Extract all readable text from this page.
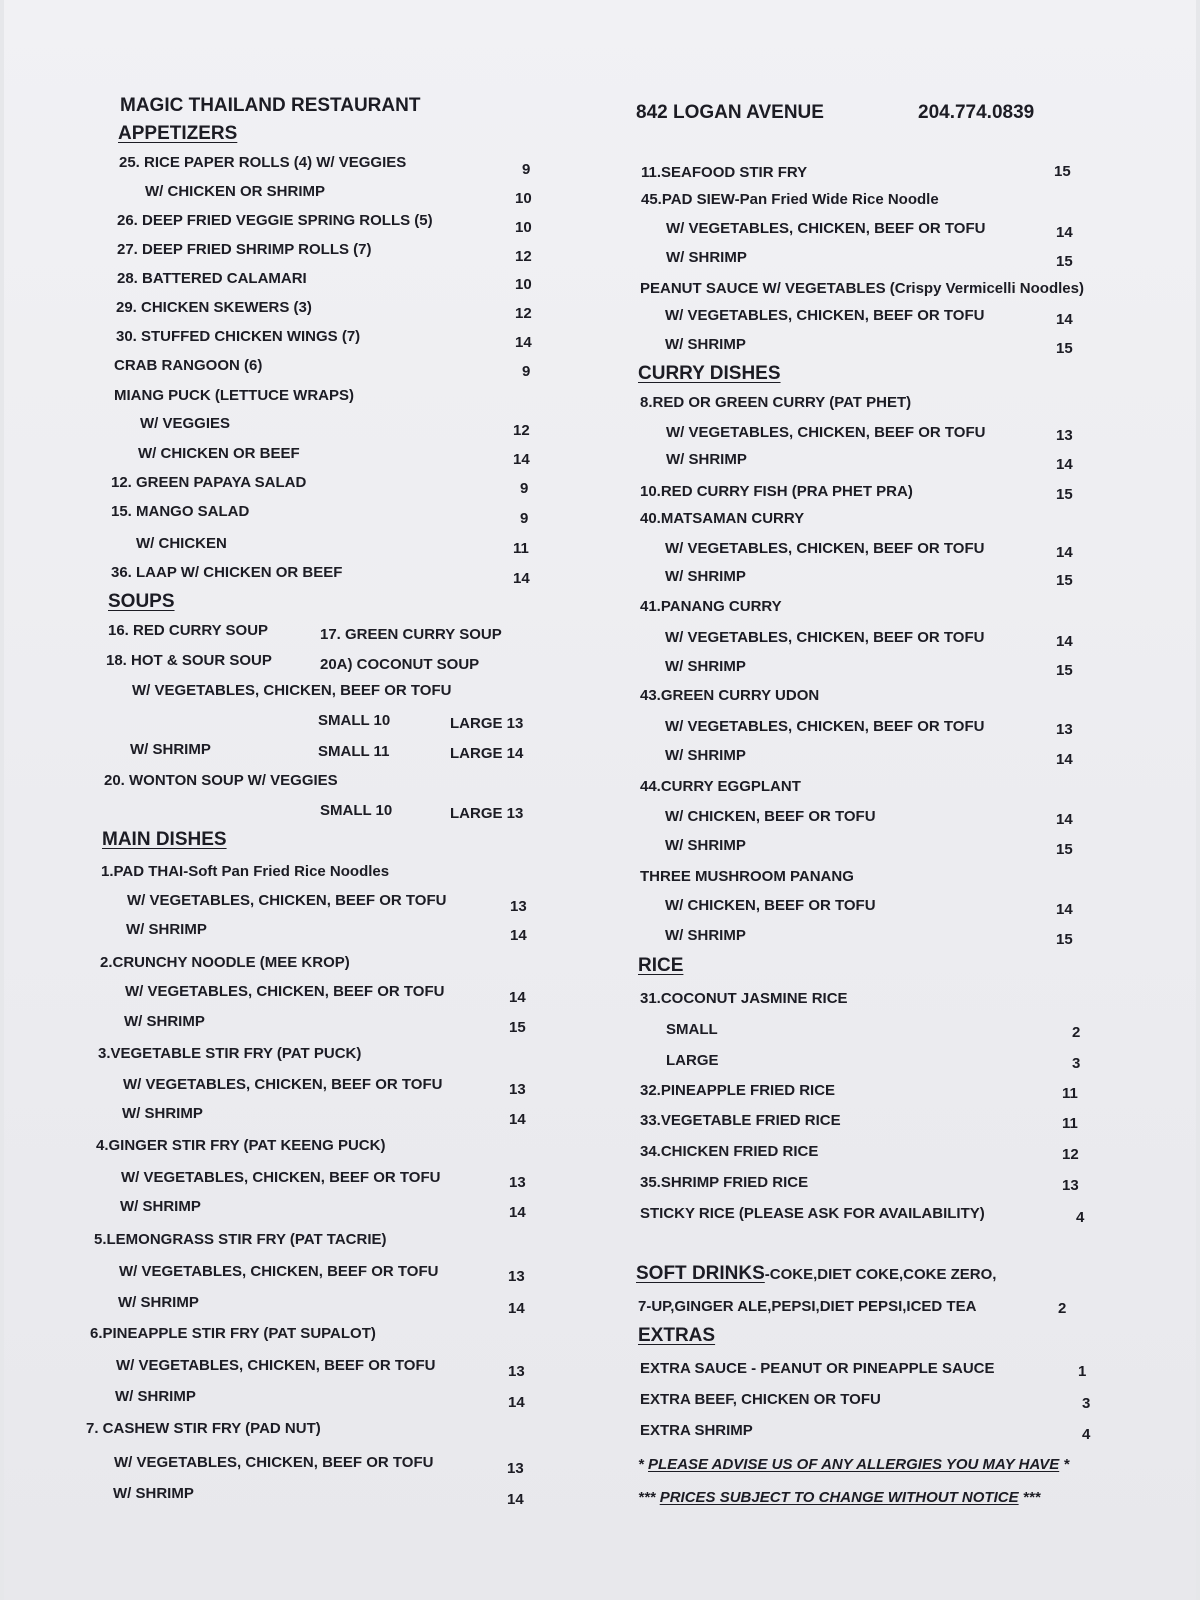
MAGIC THAILAND RESTAURANT	842 LOGAN AVENUE	204.774.0839
APPETIZERS
25. RICE PAPER ROLLS (4) W/ VEGGIES	9
W/ CHICKEN OR SHRIMP	10
26. DEEP FRIED VEGGIE SPRING ROLLS (5)	10
27. DEEP FRIED SHRIMP ROLLS (7)	12
28. BATTERED CALAMARI	10
29. CHICKEN SKEWERS (3)	12
30. STUFFED CHICKEN WINGS (7)	14
CRAB RANGOON (6)	9
MIANG PUCK (LETTUCE WRAPS)
W/ VEGGIES	12
W/ CHICKEN OR BEEF	14
12. GREEN PAPAYA SALAD	9
15. MANGO SALAD	9
W/ CHICKEN	11
36. LAAP W/ CHICKEN OR BEEF	14
SOUPS
16. RED CURRY SOUP	17. GREEN CURRY SOUP
18. HOT & SOUR SOUP	20A) COCONUT SOUP
W/ VEGETABLES, CHICKEN, BEEF OR TOFU
SMALL 10	LARGE 13
W/ SHRIMP	SMALL 11	LARGE 14
20. WONTON SOUP W/ VEGGIES
SMALL 10	LARGE 13
MAIN DISHES
1.PAD THAI-Soft Pan Fried Rice Noodles
W/ VEGETABLES, CHICKEN, BEEF OR TOFU	13
W/ SHRIMP	14
2.CRUNCHY NOODLE (MEE KROP)
W/ VEGETABLES, CHICKEN, BEEF OR TOFU	14
W/ SHRIMP	15
3.VEGETABLE STIR FRY (PAT PUCK)
W/ VEGETABLES, CHICKEN, BEEF OR TOFU	13
W/ SHRIMP	14
4.GINGER STIR FRY (PAT KEENG PUCK)
W/ VEGETABLES, CHICKEN, BEEF OR TOFU	13
W/ SHRIMP	14
5.LEMONGRASS STIR FRY (PAT TACRIE)
W/ VEGETABLES, CHICKEN, BEEF OR TOFU	13
W/ SHRIMP	14
6.PINEAPPLE STIR FRY (PAT SUPALOT)
W/ VEGETABLES, CHICKEN, BEEF OR TOFU	13
W/ SHRIMP	14
7. CASHEW STIR FRY (PAD NUT)
W/ VEGETABLES, CHICKEN, BEEF OR TOFU	13
W/ SHRIMP	14
11.SEAFOOD STIR FRY	15
45.PAD SIEW-Pan Fried Wide Rice Noodle
W/ VEGETABLES, CHICKEN, BEEF OR TOFU	14
W/ SHRIMP	15
PEANUT SAUCE W/ VEGETABLES (Crispy Vermicelli Noodles)
W/ VEGETABLES, CHICKEN, BEEF OR TOFU	14
W/ SHRIMP	15
CURRY DISHES
8.RED OR GREEN CURRY (PAT PHET)
W/ VEGETABLES, CHICKEN, BEEF OR TOFU	13
W/ SHRIMP	14
10.RED CURRY FISH (PRA PHET PRA)	15
40.MATSAMAN CURRY
W/ VEGETABLES, CHICKEN, BEEF OR TOFU	14
W/ SHRIMP	15
41.PANANG CURRY
W/ VEGETABLES, CHICKEN, BEEF OR TOFU	14
W/ SHRIMP	15
43.GREEN CURRY UDON
W/ VEGETABLES, CHICKEN, BEEF OR TOFU	13
W/ SHRIMP	14
44.CURRY EGGPLANT
W/ CHICKEN, BEEF OR TOFU	14
W/ SHRIMP	15
THREE MUSHROOM PANANG
W/ CHICKEN, BEEF OR TOFU	14
W/ SHRIMP	15
RICE
31.COCONUT JASMINE RICE
SMALL	2
LARGE	3
32.PINEAPPLE FRIED RICE	11
33.VEGETABLE FRIED RICE	11
34.CHICKEN FRIED RICE	12
35.SHRIMP FRIED RICE	13
STICKY RICE (PLEASE ASK FOR AVAILABILITY)	4
SOFT DRINKS-COKE,DIET COKE,COKE ZERO,
7-UP,GINGER ALE,PEPSI,DIET PEPSI,ICED TEA	2
EXTRAS
EXTRA SAUCE - PEANUT OR PINEAPPLE SAUCE	1
EXTRA BEEF, CHICKEN OR TOFU	3
EXTRA SHRIMP	4
* PLEASE ADVISE US OF ANY ALLERGIES YOU MAY HAVE *
*** PRICES SUBJECT TO CHANGE WITHOUT NOTICE ***
